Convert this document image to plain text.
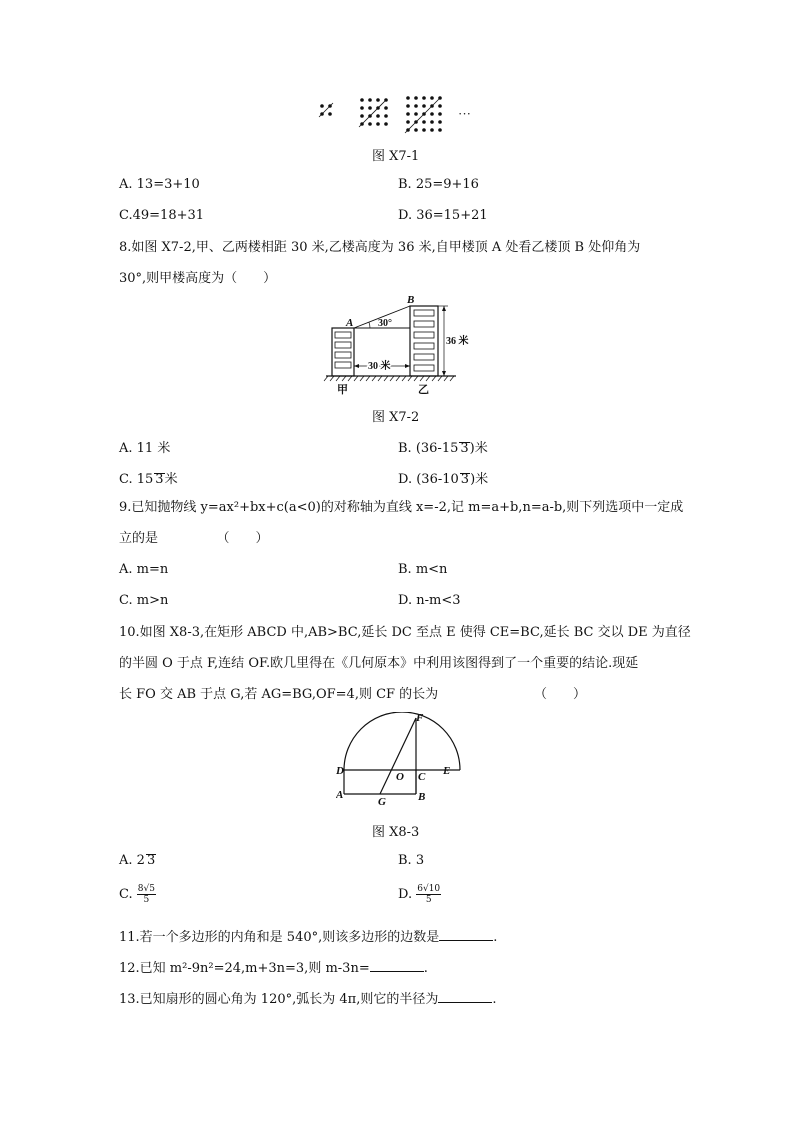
···
图 X7-1
A. 13=3+10	B. 25=9+16
C.49=18+31	D. 36=15+21
8.如图 X7-2,甲、乙两楼相距 30 米,乙楼高度为 36 米,自甲楼顶 A 处看乙楼顶 B 处仰角为
30°,则甲楼高度为（　　）
A
B
30°
36 米
30 米
甲	乙
图 X7-2
A. 11 米	B. (36-15 3)米
C. 15 3米	D. (36-10 3)米
9.已知抛物线 y=ax²+bx+c(a<0)的对称轴为直线 x=-2,记 m=a+b,n=a-b,则下列选项中一定成
立的是　　　　　（　　）
A. m=n	B. m<n
C. m>n	D. n-m<3
10.如图 X8-3,在矩形 ABCD 中,AB>BC,延长 DC 至点 E 使得 CE=BC,延长 BC 交以 DE 为直径
的半圆 O 于点 F,连结 OF.欧几里得在《几何原本》中利用该图得到了一个重要的结论.现延
长 FO 交 AB 于点 G,若 AG=BG,OF=4,则 CF 的长为	（　　）
F
D	O C E
A
G	B
图 X8-3
A. 2 3	B. 3
C. $\frac{8√5}{5}$	D. $\frac{6√10}{5}$
11.若一个多边形的内角和是 540°,则该多边形的边数是	.
12.已知 m²-9n²=24,m+3n=3,则 m-3n=	.
13.已知扇形的圆心角为 120°,弧长为 4π,则它的半径为	.
